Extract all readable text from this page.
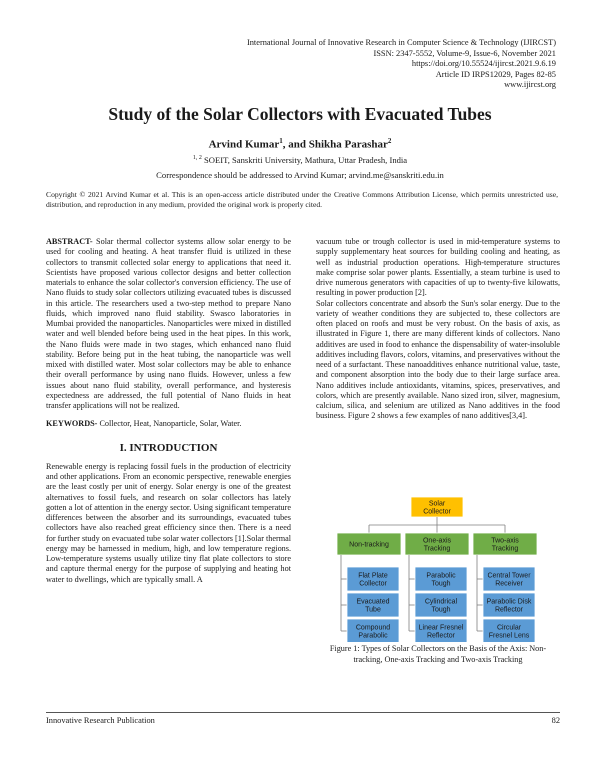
International Journal of Innovative Research in Computer Science & Technology (IJIRCST)
ISSN: 2347-5552, Volume-9, Issue-6, November 2021
https://doi.org/10.55524/ijircst.2021.9.6.19
Article ID IRPS12029, Pages 82-85
www.ijircst.org
Study of the Solar Collectors with Evacuated Tubes
Arvind Kumar$^1$, and Shikha Parashar$^2$
$^{1, 2}$ SOEIT, Sanskriti University, Mathura, Uttar Pradesh, India
Correspondence should be addressed to Arvind Kumar; arvind.me@sanskriti.edu.in
Copyright © 2021 Arvind Kumar et al. This is an open-access article distributed under the Creative Commons Attribution License, which permits unrestricted use, distribution, and reproduction in any medium, provided the original work is properly cited.

ABSTRACT- Solar thermal collector systems allow solar energy to be used for cooling and heating. A heat transfer fluid is utilized in these collectors to transmit collected solar energy to applications that need it. Scientists have proposed various collector designs and better collection materials to enhance the solar collector's conversion efficiency. The use of Nano fluids to study solar collectors utilizing evacuated tubes is discussed in this article. The researchers used a two-step method to prepare Nano fluids, which improved nano fluid stability. Swasco laboratories in Mumbai provided the nanoparticles. Nanoparticles were mixed in distilled water and well blended before being used in the heat pipes. In this work, the Nano fluids were made in two stages, which enhanced nano fluid stability. Before being put in the heat tubing, the nanoparticle was well mixed with distilled water. Most solar collectors may be able to enhance their overall performance by using nano fluids. However, unless a few issues about nano fluid stability, overall performance, and hysteresis expectedness are addressed, the full potential of Nano fluids in heat transfer applications will not be realized.

KEYWORDS- Collector, Heat, Nanoparticle, Solar, Water.

I. INTRODUCTION

Renewable energy is replacing fossil fuels in the production of electricity and other applications. From an economic perspective, renewable energies are the least costly per unit of energy. Solar energy is one of the greatest alternatives to fossil fuels, and research on solar collectors has lately gotten a lot of attention in the energy sector. Using significant temperature differences between the absorber and its surroundings, evacuated tubes collectors have also reached great efficiency since then. There is a need for further study on evacuated tube solar water collectors [1].Solar thermal energy may be harnessed in medium, high, and low temperature regions. Low-temperature systems usually utilize tiny flat plate collectors to store and capture thermal energy for the purpose of supplying and heating hot water to dwellings, which are typically small. A

vacuum tube or trough collector is used in mid-temperature systems to supply supplementary heat sources for building cooling and heating, as well as industrial production operations. High-temperature structures make comprise solar power plants. Essentially, a steam turbine is used to drive numerous generators with capacities of up to twenty-five kilowatts, resulting in power production [2].

Solar collectors concentrate and absorb the Sun's solar energy. Due to the variety of weather conditions they are subjected to, these collectors are often placed on roofs and must be very robust. On the basis of axis, as illustrated in Figure 1, there are many different kinds of collectors. Nano additives are used in food to enhance the dispensability of water-insoluble additives including flavors, colors, vitamins, and preservatives without the need of a surfactant. These nanoadditives enhance nutritional value, taste, and component absorption into the body due to their large surface area. Nano additives include antioxidants, vitamins, spices, preservatives, and colors, which are presently available. Nano sized iron, silver, magnesium, calcium, silica, and selenium are utilized as Nano additives in the food business. Figure 2 shows a few examples of nano additives[3,4].

Solar
Collector
Non-tracking
Flat Plate
Collector
Evacuated
Tube
Compound
Parabolic
One-axis
Tracking
Parabolic
Tough
Cylindrical
Tough
Linear Fresnel
Reflector
Two-axis
Tracking
Central Tower
Receiver
Parabolic Disk
Reflector
Circular
Fresnel Lens
Figure 1: Types of Solar Collectors on the Basis of the Axis: Non-tracking, One-axis Tracking and Two-axis Tracking
Innovative Research Publication	82
